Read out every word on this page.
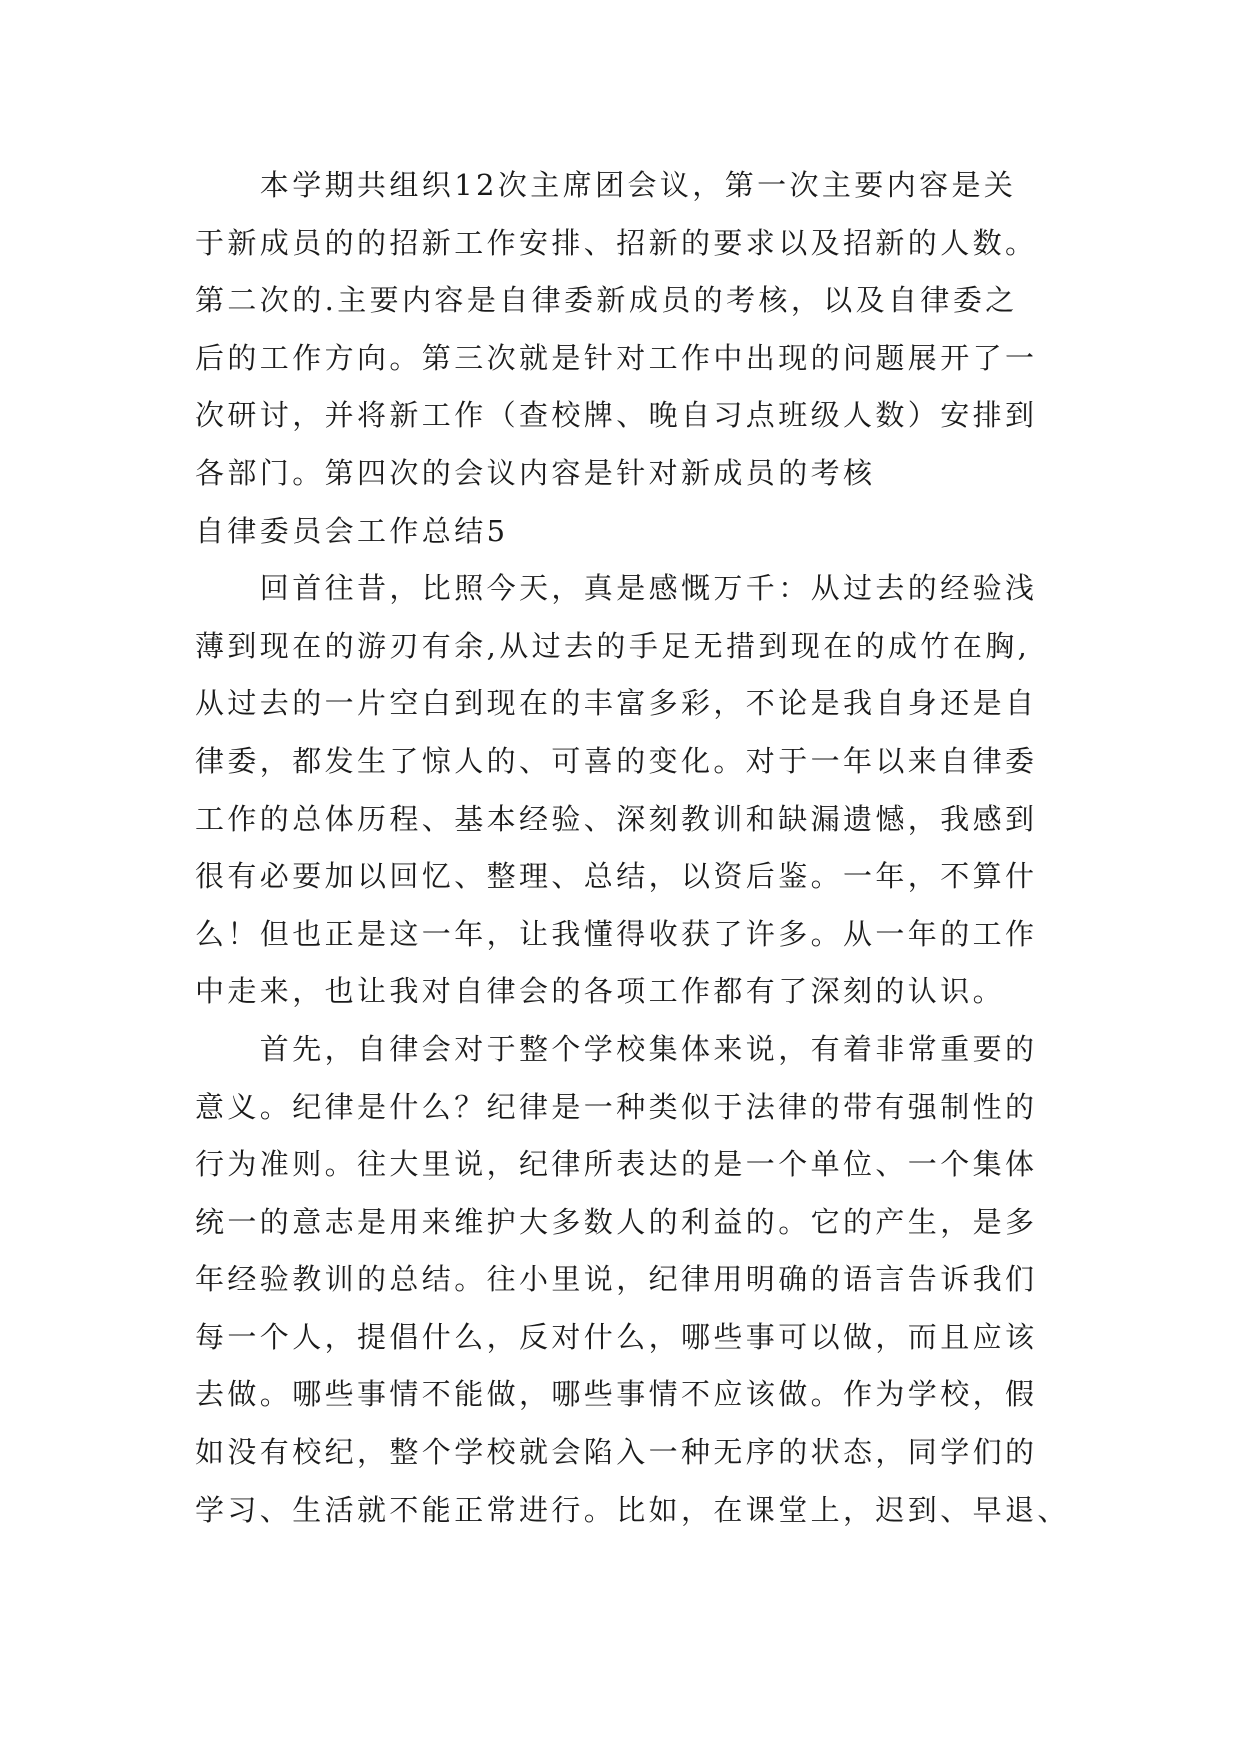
　　本学期共组织12次主席团会议，第一次主要内容是关
于新成员的的招新工作安排、招新的要求以及招新的人数。
第二次的.主要内容是自律委新成员的考核，以及自律委之
后的工作方向。第三次就是针对工作中出现的问题展开了一
次研讨，并将新工作（查校牌、晚自习点班级人数）安排到
各部门。第四次的会议内容是针对新成员的考核
自律委员会工作总结5
　　回首往昔，比照今天，真是感慨万千：从过去的经验浅
薄到现在的游刃有余,从过去的手足无措到现在的成竹在胸,
从过去的一片空白到现在的丰富多彩，不论是我自身还是自
律委，都发生了惊人的、可喜的变化。对于一年以来自律委
工作的总体历程、基本经验、深刻教训和缺漏遗憾，我感到
很有必要加以回忆、整理、总结，以资后鉴。一年，不算什
么！但也正是这一年，让我懂得收获了许多。从一年的工作
中走来，也让我对自律会的各项工作都有了深刻的认识。
　　首先，自律会对于整个学校集体来说，有着非常重要的
意义。纪律是什么？纪律是一种类似于法律的带有强制性的
行为准则。往大里说，纪律所表达的是一个单位、一个集体
统一的意志是用来维护大多数人的利益的。它的产生，是多
年经验教训的总结。往小里说，纪律用明确的语言告诉我们
每一个人，提倡什么，反对什么，哪些事可以做，而且应该
去做。哪些事情不能做，哪些事情不应该做。作为学校，假
如没有校纪，整个学校就会陷入一种无序的状态，同学们的
学习、生活就不能正常进行。比如，在课堂上，迟到、早退、
